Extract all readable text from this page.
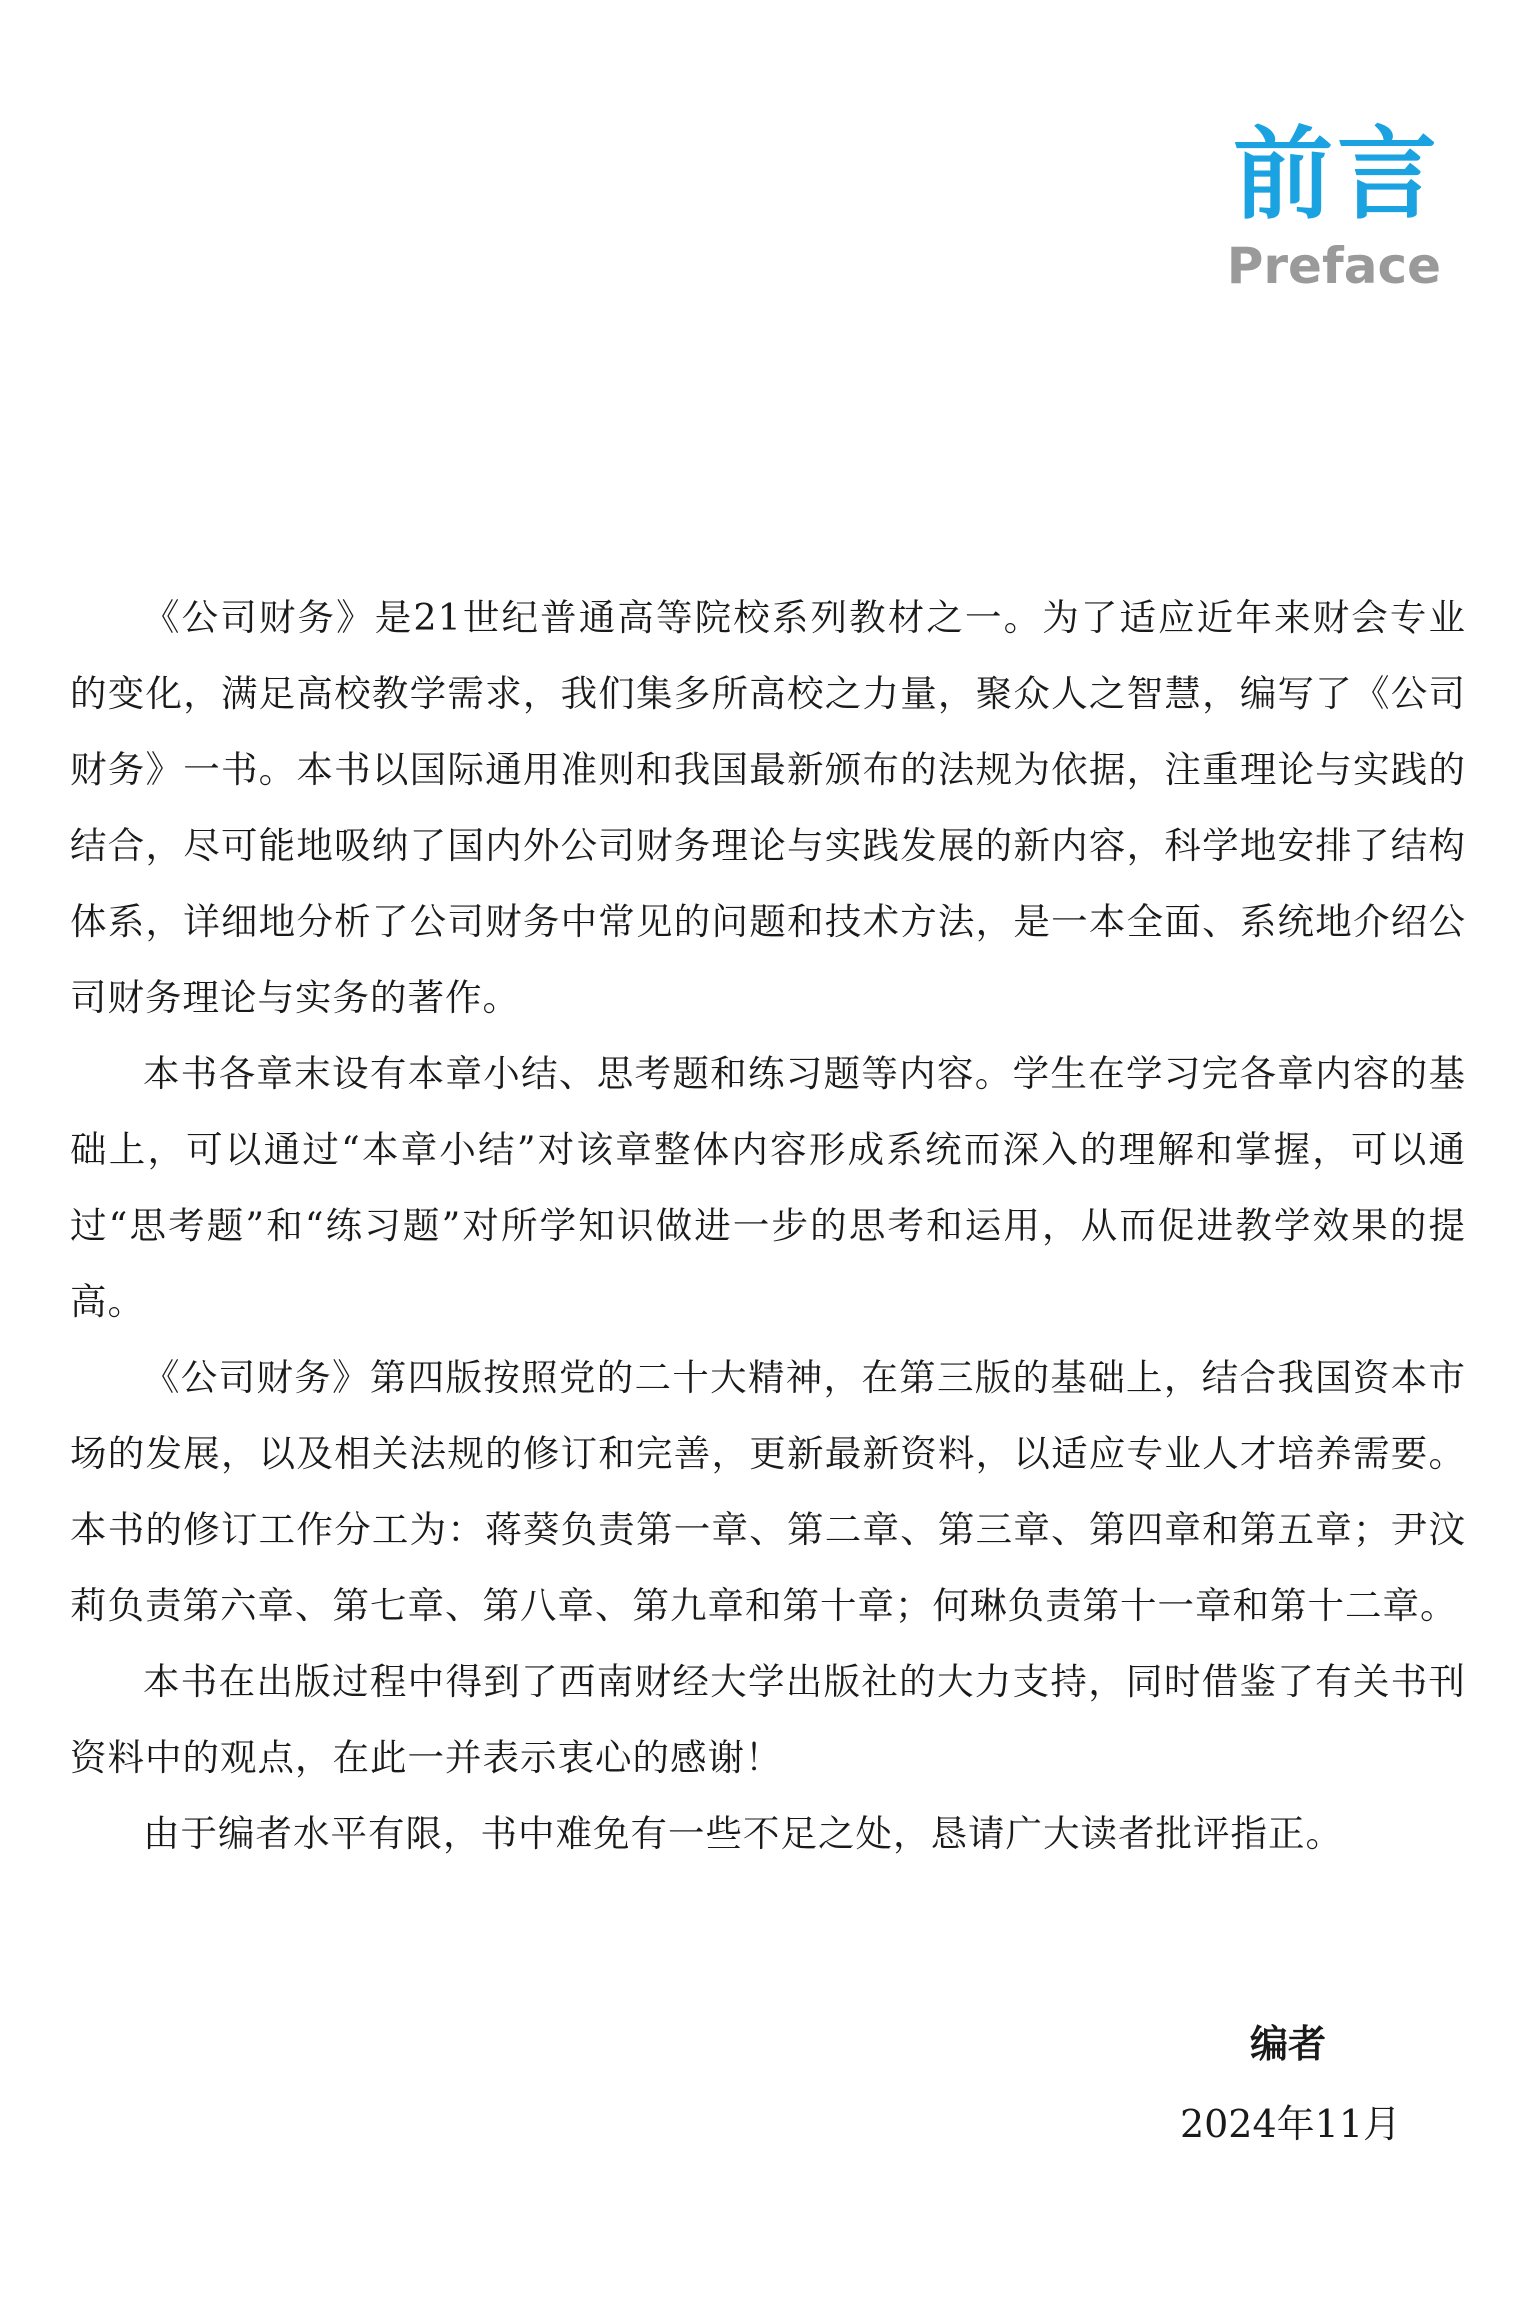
前言
Preface

《公司财务》是21世纪普通高等院校系列教材之一。为了适应近年来财会专业的变化，满足高校教学需求，我们集多所高校之力量，聚众人之智慧，编写了《公司财务》一书。本书以国际通用准则和我国最新颁布的法规为依据，注重理论与实践的结合，尽可能地吸纳了国内外公司财务理论与实践发展的新内容，科学地安排了结构体系，详细地分析了公司财务中常见的问题和技术方法，是一本全面、系统地介绍公司财务理论与实务的著作。

本书各章末设有本章小结、思考题和练习题等内容。学生在学习完各章内容的基础上，可以通过“本章小结”对该章整体内容形成系统而深入的理解和掌握，可以通过“思考题”和“练习题”对所学知识做进一步的思考和运用，从而促进教学效果的提高。

《公司财务》第四版按照党的二十大精神，在第三版的基础上，结合我国资本市场的发展，以及相关法规的修订和完善，更新最新资料，以适应专业人才培养需要。本书的修订工作分工为：蒋葵负责第一章、第二章、第三章、第四章和第五章；尹汶莉负责第六章、第七章、第八章、第九章和第十章；何琳负责第十一章和第十二章。

本书在出版过程中得到了西南财经大学出版社的大力支持，同时借鉴了有关书刊资料中的观点，在此一并表示衷心的感谢！

由于编者水平有限，书中难免有一些不足之处，恳请广大读者批评指正。

编者
2024年11月
